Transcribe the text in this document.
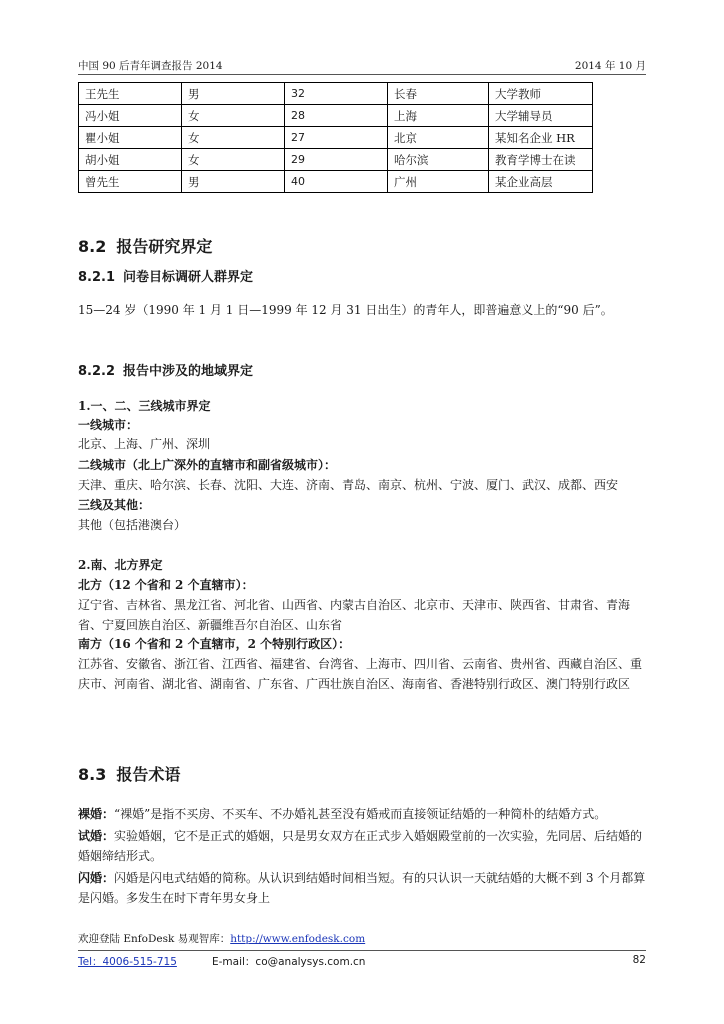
中国 90 后青年调查报告 2014	2014 年 10 月
王先生	男	32	长春	大学教师
冯小姐	女	28	上海	大学辅导员
瞿小姐	女	27	北京	某知名企业 HR
胡小姐	女	29	哈尔滨	教育学博士在读
曾先生	男	40	广州	某企业高层
8.2 报告研究界定
8.2.1 问卷目标调研人群界定
15—24 岁（1990 年 1 月 1 日—1999 年 12 月 31 日出生）的青年人，即普遍意义上的“90 后”。
8.2.2 报告中涉及的地域界定
1.一、二、三线城市界定
一线城市：
北京、上海、广州、深圳
二线城市（北上广深外的直辖市和副省级城市）：
天津、重庆、哈尔滨、长春、沈阳、大连、济南、青岛、南京、杭州、宁波、厦门、武汉、成都、西安
三线及其他：
其他（包括港澳台）
2.南、北方界定
北方（12 个省和 2 个直辖市）：
辽宁省、吉林省、黑龙江省、河北省、山西省、内蒙古自治区、北京市、天津市、陕西省、甘肃省、青海省、宁夏回族自治区、新疆维吾尔自治区、山东省
南方（16 个省和 2 个直辖市，2 个特别行政区）：
江苏省、安徽省、浙江省、江西省、福建省、台湾省、上海市、四川省、云南省、贵州省、西藏自治区、重庆市、河南省、湖北省、湖南省、广东省、广西壮族自治区、海南省、香港特别行政区、澳门特别行政区
8.3 报告术语
裸婚：“裸婚”是指不买房、不买车、不办婚礼甚至没有婚戒而直接领证结婚的一种简朴的结婚方式。
试婚：实验婚姻，它不是正式的婚姻，只是男女双方在正式步入婚姻殿堂前的一次实验，先同居、后结婚的婚姻缔结形式。
闪婚：闪婚是闪电式结婚的简称。从认识到结婚时间相当短。有的只认识一天就结婚的大概不到 3 个月都算是闪婚。多发生在时下青年男女身上
欢迎登陆 EnfoDesk 易观智库：http://www.enfodesk.com
Tel：4006-515-715	E-mail：co@analysys.com.cn	82
